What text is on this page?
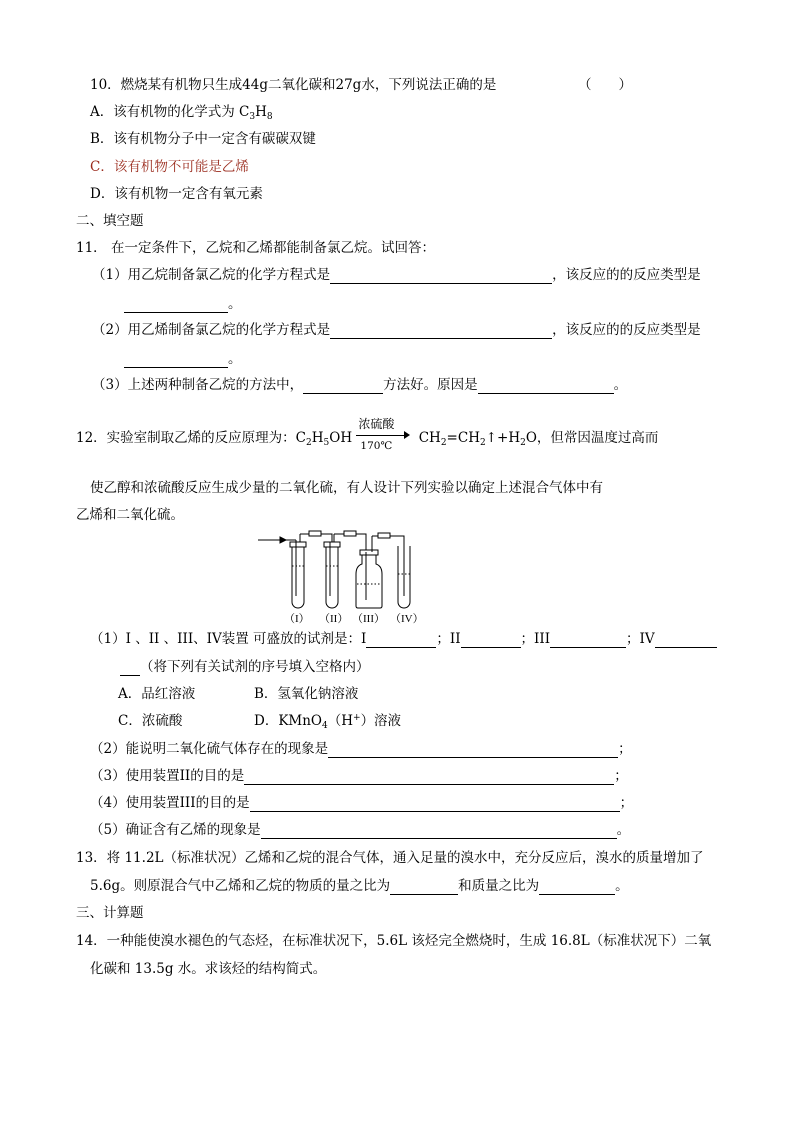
10．燃烧某有机物只生成44g二氧化碳和27g水，下列说法正确的是	（　　）
A．该有机物的化学式为 $C_3H_8$
B．该有机物分子中一定含有碳碳双键
C．该有机物不可能是乙烯
D．该有机物一定含有氧元素
二、填空题
11． 在一定条件下，乙烷和乙烯都能制备氯乙烷。试回答：
（1）用乙烷制备氯乙烷的化学方程式是	，该反应的的反应类型是
。
（2）用乙烯制备氯乙烷的化学方程式是	，该反应的的反应类型是
。
（3）上述两种制备乙烷的方法中，	方法好。原因是	。
12．实验室制取乙烯的反应原理为：$C_2H_5OH$
浓硫酸
170℃ $CH_2=CH_2↑+H_2O$，但常因温度过高而
使乙醇和浓硫酸反应生成少量的二氧化硫，有人设计下列实验以确定上述混合气体中有
乙烯和二氧化硫。
（I） （II） （III） （IV）
（1）I 、II 、III、IV装置 可盛放的试剂是：I	；II	；III	；IV
（将下列有关试剂的序号填入空格内）
A．品红溶液	B．氢氧化钠溶液
C．浓硫酸	D．KMnO$_4$（H+）溶液
（2）能说明二氧化硫气体存在的现象是	；
（3）使用装置II的目的是	；
（4）使用装置III的目的是	；
（5）确证含有乙烯的现象是	。
13．将 11.2L（标准状况）乙烯和乙烷的混合气体，通入足量的溴水中，充分反应后，溴水的质量增加了
5.6g。则原混合气中乙烯和乙烷的物质的量之比为	和质量之比为	。
三、计算题
14．一种能使溴水褪色的气态烃，在标准状况下，5.6L 该烃完全燃烧时，生成 16.8L（标准状况下）二氧
化碳和 13.5g 水。求该烃的结构简式。
